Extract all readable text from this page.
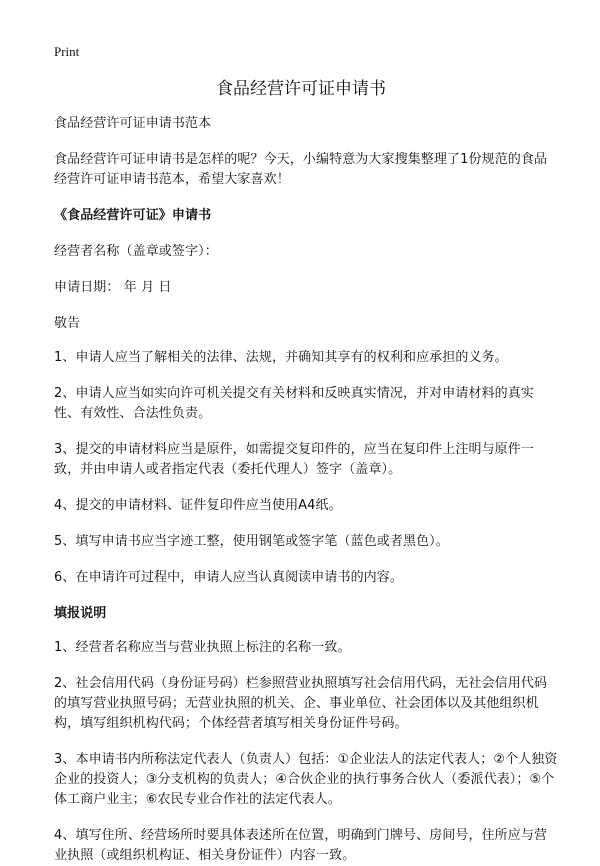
Print
食品经营许可证申请书

食品经营许可证申请书范本

食品经营许可证申请书是怎样的呢？今天，小编特意为大家搜集整理了1份规范的食品经营许可证申请书范本，希望大家喜欢！

《食品经营许可证》申请书

经营者名称（盖章或签字）：

申请日期： 年 月 日

敬告

1、申请人应当了解相关的法律、法规，并确知其享有的权利和应承担的义务。

2、申请人应当如实向许可机关提交有关材料和反映真实情况，并对申请材料的真实性、有效性、合法性负责。

3、提交的申请材料应当是原件，如需提交复印件的，应当在复印件上注明与原件一致，并由申请人或者指定代表（委托代理人）签字（盖章）。

4、提交的申请材料、证件复印件应当使用A4纸。

5、填写申请书应当字迹工整，使用钢笔或签字笔（蓝色或者黑色）。

6、在申请许可过程中，申请人应当认真阅读申请书的内容。

填报说明

1、经营者名称应当与营业执照上标注的名称一致。

2、社会信用代码（身份证号码）栏参照营业执照填写社会信用代码，无社会信用代码的填写营业执照号码；无营业执照的机关、企、事业单位、社会团体以及其他组织机构，填写组织机构代码；个体经营者填写相关身份证件号码。

3、本申请书内所称法定代表人（负责人）包括：①企业法人的法定代表人；②个人独资企业的投资人；③分支机构的负责人；④合伙企业的执行事务合伙人（委派代表）；⑤个体工商户业主；⑥农民专业合作社的法定代表人。

4、填写住所、经营场所时要具体表述所在位置，明确到门牌号、房间号，住所应与营业执照（或组织机构证、相关身份证件）内容一致。
